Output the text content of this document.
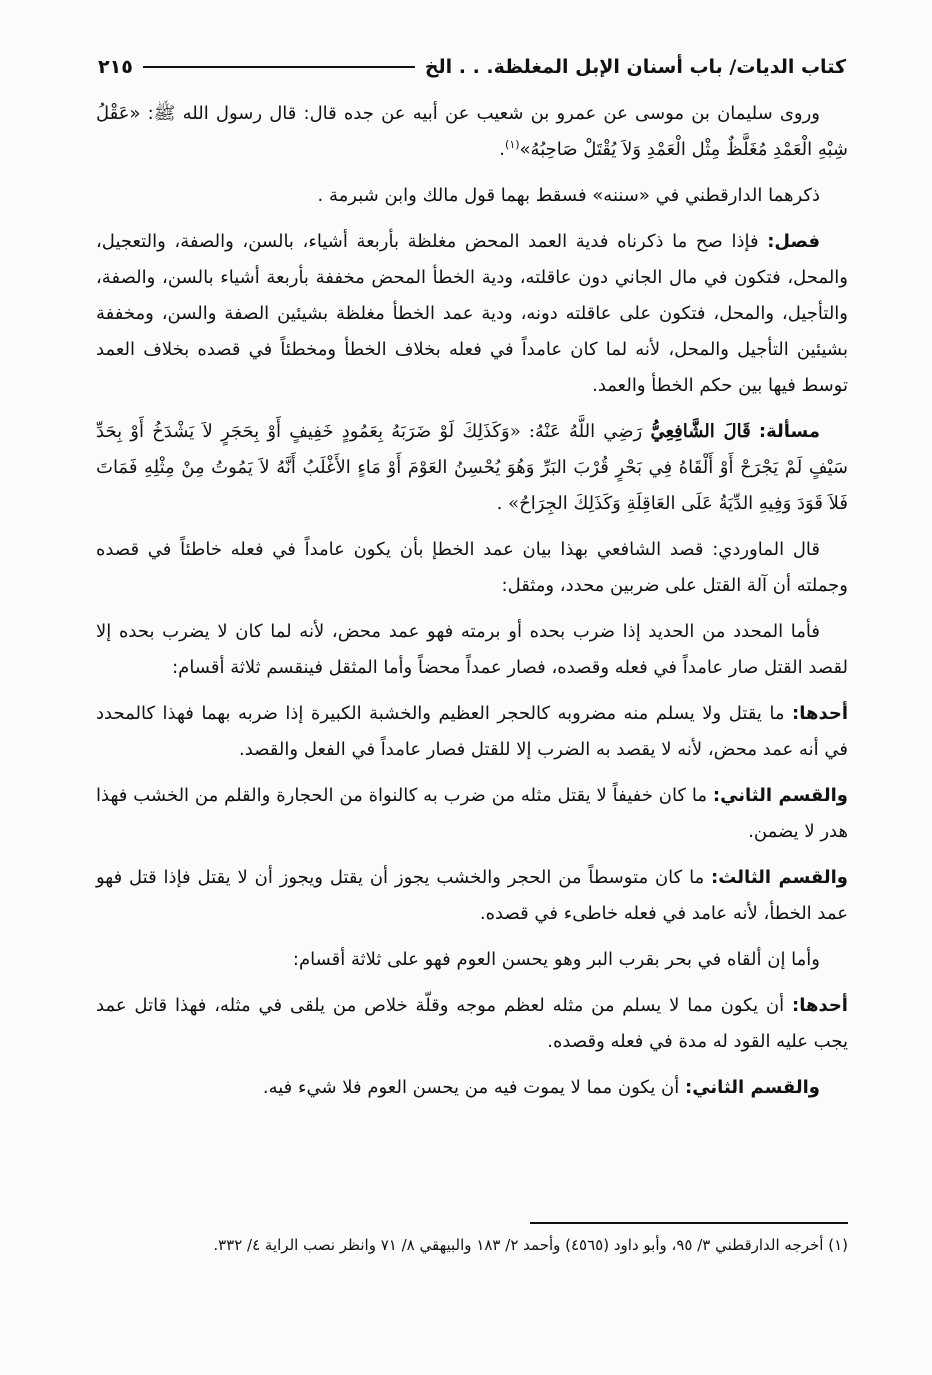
كتاب الديات/ باب أسنان الإبل المغلظة. . . الخ
٢١٥

وروى سليمان بن موسى عن عمرو بن شعيب عن أبيه عن جده قال: قال رسول الله ﷺ: «عَقْلُ شِبْهِ الْعَمْدِ مُغَلَّظٌ مِثْل الْعَمْدِ وَلاَ يُقْتَلْ صَاحِبُهُ»$^{(١)}$.

ذكرهما الدارقطني في «سننه» فسقط بهما قول مالك وابن شبرمة .

فصل: فإذا صح ما ذكرناه فدية العمد المحض مغلظة بأربعة أشياء، بالسن، والصفة، والتعجيل، والمحل، فتكون في مال الجاني دون عاقلته، ودية الخطأ المحض مخففة بأربعة أشياء بالسن، والصفة، والتأجيل، والمحل، فتكون على عاقلته دونه، ودية عمد الخطأ مغلظة بشيئين الصفة والسن، ومخففة بشيئين التأجيل والمحل، لأنه لما كان عامداً في فعله بخلاف الخطأ ومخطئاً في قصده بخلاف العمد توسط فيها بين حكم الخطأ والعمد.

مسألة: قَالَ الشَّافِعِيُّ رَضِي اللَّهُ عَنْهُ: «وَكَذَلِكَ لَوْ ضَرَبَهُ بِعَمُودٍ خَفِيفٍ أَوْ بِحَجَرٍ لاَ يَشْدَخُ أَوْ بِحَدِّ سَيْفٍ لَمْ يَجْرَحْ أَوْ أَلْقَاهُ فِي بَحْرٍ قُرْبَ البَرِّ وَهُوَ يُحْسِنُ العَوْمَ أَوْ مَاءٍ الأَغْلَبُ أَنَّهُ لاَ يَمُوتُ مِنْ مِثْلِهِ فَمَاتَ فَلاَ قَوَدَ وَفِيهِ الدِّيَةُ عَلَى العَاقِلَةِ وَكَذَلِكَ الجِرَاحُ» .

قال الماوردي: قصد الشافعي بهذا بيان عمد الخطإ بأن يكون عامداً في فعله خاطئاً في قصده وجملته أن آلة القتل على ضربين محدد، ومثقل:

فأما المحدد من الحديد إذا ضرب بحده أو برمته فهو عمد محض، لأنه لما كان لا يضرب بحده إلا لقصد القتل صار عامداً في فعله وقصده، فصار عمداً محضاً وأما المثقل فينقسم ثلاثة أقسام:

أحدها: ما يقتل ولا يسلم منه مضروبه كالحجر العظيم والخشبة الكبيرة إذا ضربه بهما فهذا كالمحدد في أنه عمد محض، لأنه لا يقصد به الضرب إلا للقتل فصار عامداً في الفعل والقصد.

والقسم الثاني: ما كان خفيفاً لا يقتل مثله من ضرب به كالنواة من الحجارة والقلم من الخشب فهذا هدر لا يضمن.

والقسم الثالث: ما كان متوسطاً من الحجر والخشب يجوز أن يقتل ويجوز أن لا يقتل فإذا قتل فهو عمد الخطأ، لأنه عامد في فعله خاطىء في قصده.

وأما إن ألقاه في بحر بقرب البر وهو يحسن العوم فهو على ثلاثة أقسام:

أحدها: أن يكون مما لا يسلم من مثله لعظم موجه وقلّة خلاص من يلقى في مثله، فهذا قاتل عمد يجب عليه القود له مدة في فعله وقصده.

والقسم الثاني: أن يكون مما لا يموت فيه من يحسن العوم فلا شيء فيه.

(١) أخرجه الدارقطني ٣/ ٩٥، وأبو داود (٤٥٦٥) وأحمد ٢/ ١٨٣ والبيهقي ٨/ ٧١ وانظر نصب الراية ٤/ ٣٣٢.
